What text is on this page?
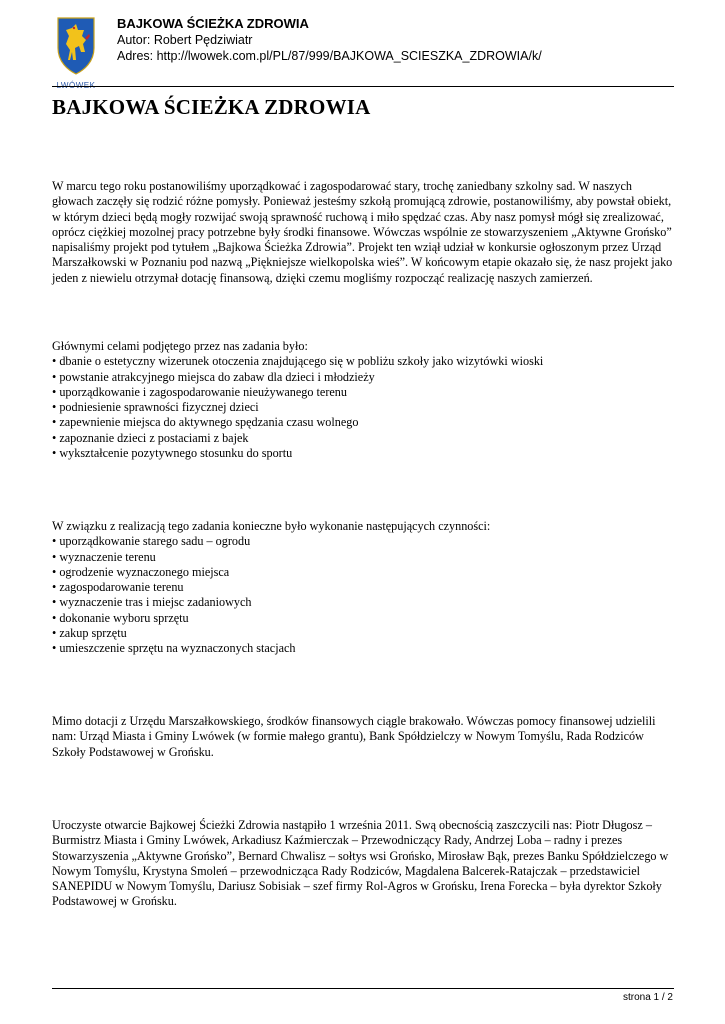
BAJKOWA ŚCIEŻKA ZDROWIA
Autor: Robert Pędziwiatr
Adres: http://lwowek.com.pl/PL/87/999/BAJKOWA_SCIESZKA_ZDROWIA/k/
BAJKOWA ŚCIEŻKA ZDROWIA

W marcu tego roku postanowiliśmy uporządkować i zagospodarować stary, trochę zaniedbany szkolny sad. W naszych głowach zaczęły się rodzić różne pomysły. Ponieważ jesteśmy szkołą promującą zdrowie, postanowiliśmy, aby powstał obiekt, w którym dzieci będą mogły rozwijać swoją sprawność ruchową i miło spędzać czas. Aby nasz pomysł mógł się zrealizować, oprócz ciężkiej mozolnej pracy potrzebne były środki finansowe. Wówczas wspólnie ze stowarzyszeniem „Aktywne Grońsko” napisaliśmy projekt pod tytułem „Bajkowa Ścieżka Zdrowia”. Projekt ten wziął udział w konkursie ogłoszonym przez Urząd Marszałkowski w Poznaniu pod nazwą „Piękniejsze wielkopolska wieś”. W końcowym etapie okazało się, że nasz projekt jako jeden z niewielu otrzymał dotację finansową, dzięki czemu mogliśmy rozpocząć realizację naszych zamierzeń.

Głównymi celami podjętego przez nas zadania było:
• dbanie o estetyczny wizerunek otoczenia znajdującego się w pobliżu szkoły jako wizytówki wioski
• powstanie atrakcyjnego miejsca do zabaw dla dzieci i młodzieży
• uporządkowanie i zagospodarowanie nieużywanego terenu
• podniesienie sprawności fizycznej dzieci
• zapewnienie miejsca do aktywnego spędzania czasu wolnego
• zapoznanie dzieci z postaciami z bajek
• wykształcenie pozytywnego stosunku do sportu
W związku z realizacją tego zadania konieczne było wykonanie następujących czynności:
• uporządkowanie starego sadu – ogrodu
• wyznaczenie terenu
• ogrodzenie wyznaczonego miejsca
• zagospodarowanie terenu
• wyznaczenie tras i miejsc zadaniowych
• dokonanie wyboru sprzętu
• zakup sprzętu
• umieszczenie sprzętu na wyznaczonych stacjach

Mimo dotacji z Urzędu Marszałkowskiego, środków finansowych ciągle brakowało. Wówczas pomocy finansowej udzielili nam: Urząd Miasta i Gminy Lwówek (w formie małego grantu), Bank Spółdzielczy w Nowym Tomyślu, Rada Rodziców Szkoły Podstawowej w Grońsku.

Uroczyste otwarcie Bajkowej Ścieżki Zdrowia nastąpiło 1 września 2011. Swą obecnością zaszczycili nas: Piotr Długosz – Burmistrz Miasta i Gminy Lwówek, Arkadiusz Kaźmierczak – Przewodniczący Rady, Andrzej Loba – radny i prezes Stowarzyszenia „Aktywne Grońsko”, Bernard Chwalisz – sołtys wsi Grońsko, Mirosław Bąk, prezes Banku Spółdzielczego w Nowym Tomyślu, Krystyna Smoleń – przewodnicząca Rady Rodziców, Magdalena Balcerek-Ratajczak – przedstawiciel SANEPIDU w Nowym Tomyślu, Dariusz Sobisiak – szef firmy Rol-Agros w Grońsku, Irena Forecka – była dyrektor Szkoły Podstawowej w Grońsku.

strona 1 / 2
